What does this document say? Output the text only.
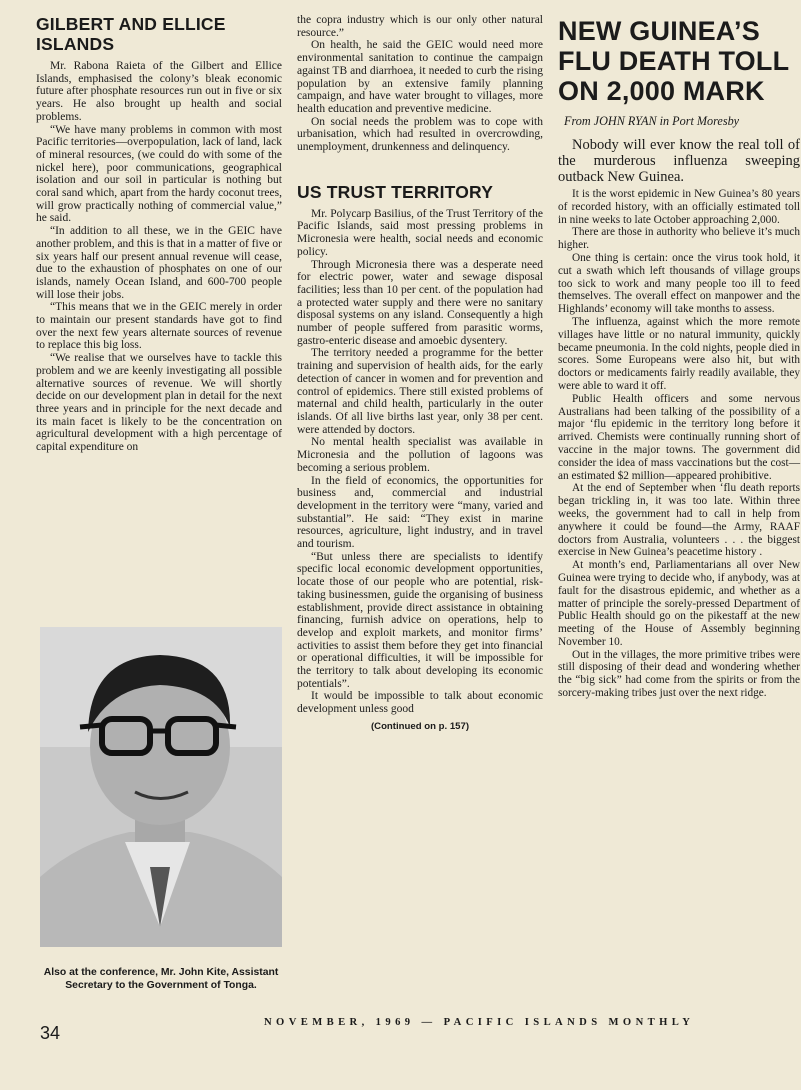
GILBERT AND ELLICE ISLANDS

Mr. Rabona Raieta of the Gilbert and Ellice Islands, emphasised the colony’s bleak economic future after phosphate resources run out in five or six years. He also brought up health and social problems.

“We have many problems in common with most Pacific territories—overpopulation, lack of land, lack of mineral resources, (we could do with some of the nickel here), poor communications, geographical isolation and our soil in particular is nothing but coral sand which, apart from the hardy coconut trees, will grow practically nothing of commercial value,” he said.

“In addition to all these, we in the GEIC have another problem, and this is that in a matter of five or six years half our present annual revenue will cease, due to the exhaustion of phosphates on one of our islands, namely Ocean Island, and 600-700 people will lose their jobs.

“This means that we in the GEIC merely in order to maintain our present standards have got to find over the next few years alternate sources of revenue to replace this big loss.

“We realise that we ourselves have to tackle this problem and we are keenly investigating all possible alternative sources of revenue. We will shortly decide on our development plan in detail for the next three years and in principle for the next decade and its main facet is likely to be the concentration on agricultural development with a high percentage of capital expenditure on

Also at the conference, Mr. John Kite, Assistant Secretary to the Government of Tonga.

the copra industry which is our only other natural resource.”

On health, he said the GEIC would need more environmental sanitation to continue the campaign against TB and diarrhoea, it needed to curb the rising population by an extensive family planning campaign, and have water brought to villages, more health education and preventive medicine.

On social needs the problem was to cope with urbanisation, which had resulted in overcrowding, unemployment, drunkenness and delinquency.

US TRUST TERRITORY

Mr. Polycarp Basilius, of the Trust Territory of the Pacific Islands, said most pressing problems in Micronesia were health, social needs and economic policy.

Through Micronesia there was a desperate need for electric power, water and sewage disposal facilities; less than 10 per cent. of the population had a protected water supply and there were no sanitary disposal systems on any island. Consequently a high number of people suffered from parasitic worms, gastro-enteric disease and amoebic dysentery.

The territory needed a programme for the better training and supervision of health aids, for the early detection of cancer in women and for prevention and control of epidemics. There still existed problems of maternal and child health, particularly in the outer islands. Of all live births last year, only 38 per cent. were attended by doctors.

No mental health specialist was available in Micronesia and the pollution of lagoons was becoming a serious problem.

In the field of economics, the opportunities for business and, commercial and industrial development in the territory were “many, varied and substantial”. He said: “They exist in marine resources, agriculture, light industry, and in travel and tourism.

“But unless there are specialists to identify specific local economic development opportunities, locate those of our people who are potential, risk-taking businessmen, guide the organising of business establishment, provide direct assistance in obtaining financing, furnish advice on operations, help to develop and exploit markets, and monitor firms’ activities to assist them before they get into financial or operational difficulties, it will be impossible for the territory to talk about developing its economic potentials”.

It would be impossible to talk about economic development unless good

(Continued on p. 157)
NEW GUINEA’S FLU DEATH TOLL ON 2,000 MARK
From JOHN RYAN in Port Moresby

Nobody will ever know the real toll of the murderous influenza sweeping outback New Guinea.

It is the worst epidemic in New Guinea’s 80 years of recorded history, with an officially estimated toll in nine weeks to late October approaching 2,000.

There are those in authority who believe it’s much higher.

One thing is certain: once the virus took hold, it cut a swath which left thousands of village groups too sick to work and many people too ill to feed themselves. The overall effect on manpower and the Highlands’ economy will take months to assess.

The influenza, against which the more remote villages have little or no natural immunity, quickly became pneumonia. In the cold nights, people died in scores. Some Europeans were also hit, but with doctors or medicaments fairly readily available, they were able to ward it off.

Public Health officers and some nervous Australians had been talking of the possibility of a major ‘flu epidemic in the territory long before it arrived. Chemists were continually running short of vaccine in the major towns. The government did consider the idea of mass vaccinations but the cost—an estimated $2 million—appeared prohibitive.

At the end of September when ‘flu death reports began trickling in, it was too late. Within three weeks, the government had to call in help from anywhere it could be found—the Army, RAAF doctors from Australia, volunteers . . . the biggest exercise in New Guinea’s peacetime history .

At month’s end, Parliamentarians all over New Guinea were trying to decide who, if anybody, was at fault for the disastrous epidemic, and whether as a matter of principle the sorely-pressed Department of Public Health should go on the pikestaff at the new meeting of the House of Assembly beginning November 10.

Out in the villages, the more primitive tribes were still disposing of their dead and wondering whether the “big sick” had come from the spirits or from the sorcery-making tribes just over the next ridge.

34
NOVEMBER, 1969 — PACIFIC ISLANDS MONTHLY
